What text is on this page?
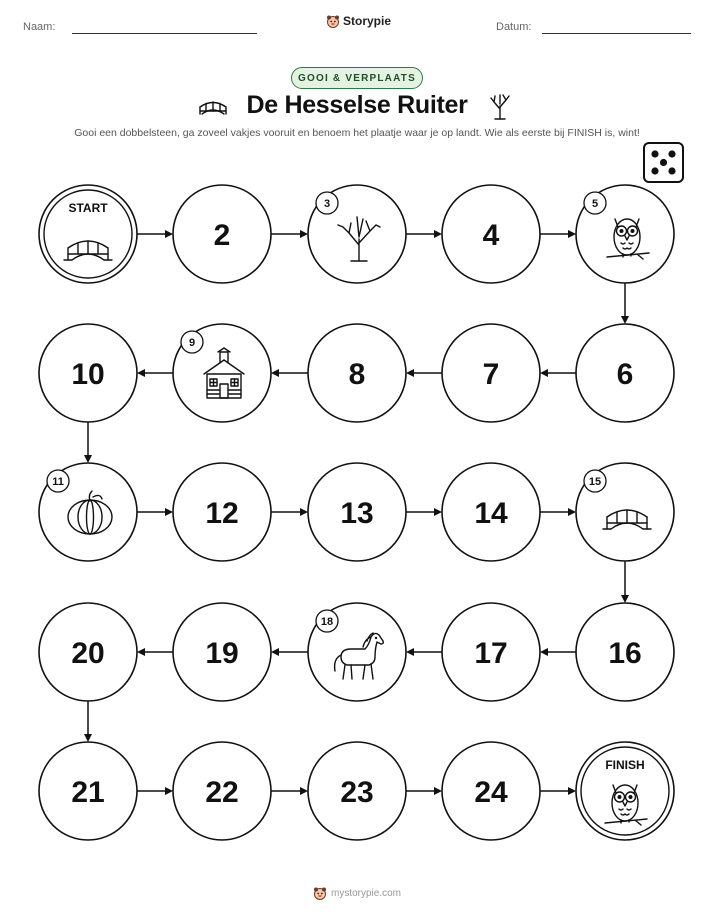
Naam:	Storypie	Datum:
GOOI & VERPLAATS
De Hesselse Ruiter
Gooi een dobbelsteen, ga zoveel vakjes vooruit en benoem het plaatje waar je op landt. Wie als eerste bij FINISH is, wint!
START
2
3
4
5
6
7
8
9
10
11
12	13	14
15
16
17
18
19
20
21	22	23	24
FINISH
mystorypie.com
